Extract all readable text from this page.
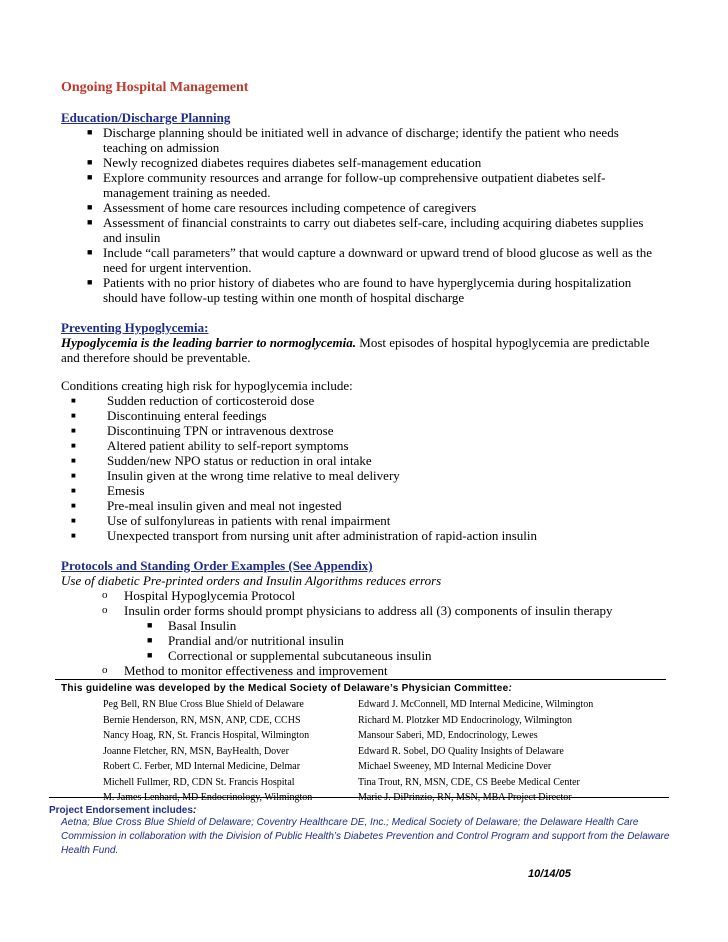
Ongoing Hospital Management
Education/Discharge Planning
■ Discharge planning should be initiated well in advance of discharge; identify the patient who needs teaching on admission
■ Newly recognized diabetes requires diabetes self-management education
■ Explore community resources and arrange for follow-up comprehensive outpatient diabetes self-management training as needed.
■ Assessment of home care resources including competence of caregivers
■ Assessment of financial constraints to carry out diabetes self-care, including acquiring diabetes supplies and insulin
■ Include “call parameters” that would capture a downward or upward trend of blood glucose as well as the need for urgent intervention.
■ Patients with no prior history of diabetes who are found to have hyperglycemia during hospitalization should have follow-up testing within one month of hospital discharge
Preventing Hypoglycemia:
Hypoglycemia is the leading barrier to normoglycemia. Most episodes of hospital hypoglycemia are predictable and therefore should be preventable.
Conditions creating high risk for hypoglycemia include:
■ Sudden reduction of corticosteroid dose
■ Discontinuing enteral feedings
■ Discontinuing TPN or intravenous dextrose
■ Altered patient ability to self-report symptoms
■ Sudden/new NPO status or reduction in oral intake
■ Insulin given at the wrong time relative to meal delivery
■ Emesis
■ Pre-meal insulin given and meal not ingested
■ Use of sulfonylureas in patients with renal impairment
■ Unexpected transport from nursing unit after administration of rapid-action insulin
Protocols and Standing Order Examples (See Appendix)
Use of diabetic Pre-printed orders and Insulin Algorithms reduces errors
o Hospital Hypoglycemia Protocol
o Insulin order forms should prompt physicians to address all (3) components of insulin therapy
■ Basal Insulin
■ Prandial and/or nutritional insulin
■ Correctional or supplemental subcutaneous insulin
o Method to monitor effectiveness and improvement
This guideline was developed by the Medical Society of Delaware’s Physician Committee:
Peg Bell, RN Blue Cross Blue Shield of Delaware
Bernie Henderson, RN, MSN, ANP, CDE, CCHS
Nancy Hoag, RN, St. Francis Hospital, Wilmington
Joanne Fletcher, RN, MSN, BayHealth, Dover
Robert C. Ferber, MD Internal Medicine, Delmar
Michell Fullmer, RD, CDN St. Francis Hospital
M. James Lenhard, MD Endocrinology, Wilmington
Edward J. McConnell, MD Internal Medicine, Wilmington
Richard M. Plotzker MD Endocrinology, Wilmington
Mansour Saberi, MD, Endocrinology, Lewes
Edward R. Sobel, DO Quality Insights of Delaware
Michael Sweeney, MD Internal Medicine Dover
Tina Trout, RN, MSN, CDE, CS Beebe Medical Center
Marie J. DiPrinzio, RN, MSN, MBA Project Director
Project Endorsement includes:
Aetna; Blue Cross Blue Shield of Delaware; Coventry Healthcare DE, Inc.; Medical Society of Delaware; the Delaware Health Care Commission in collaboration with the Division of Public Health’s Diabetes Prevention and Control Program and support from the Delaware Health Fund.
10/14/05
